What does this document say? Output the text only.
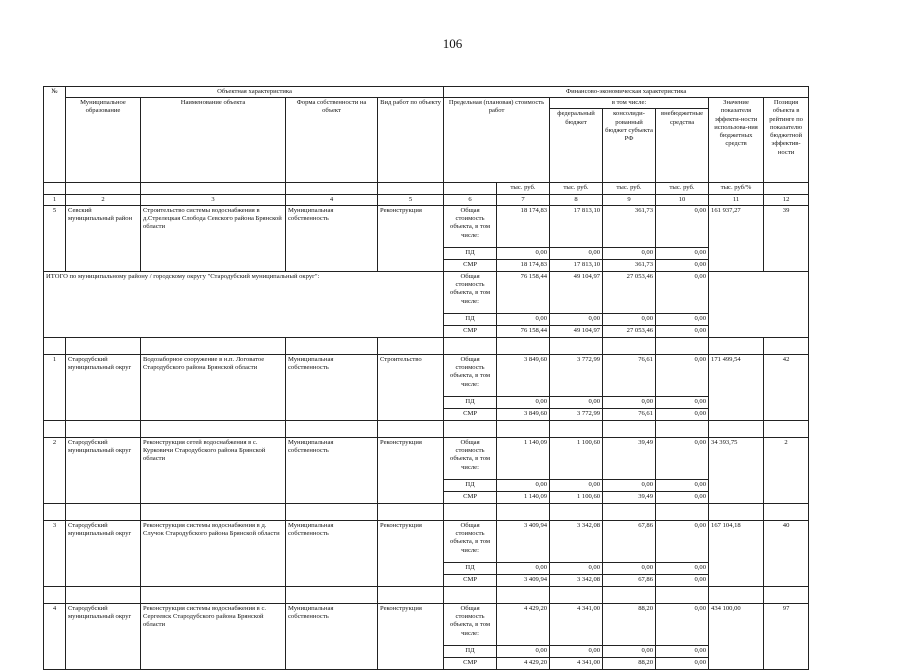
106
№	Объектная характеристика				Финансово-экономическая характеристика						
	Муниципальное образование	Наименование объекта	Форма собственности на объект	Вид работ по объекту	Предельная (плановая) стоимость работ		в том числе:			Значение показателя эффекти-ности использова-ния бюджетных средств	Позиция объекта в рейтинге по показателю бюджетной эффектив-ности
							федеральный бюджет	консолиди-рованный бюджет субъекта РФ	внебюджетные средства		
						тыс. руб.	тыс. руб.	тыс. руб.	тыс. руб.	тыс. руб/%	
1	2	3	4	5	6	7	8	9	10	11	12
5	Севский муниципальный район	Строительство системы водоснабжения в д.Стрелецкая Слобода Севского района Брянской области	Муниципальная собственность	Реконструкция	Общая стоимость объекта, в том числе:	18 174,83	17 813,10	361,73	0,00	161 937,27	39
					ПД	0,00	0,00	0,00	0,00		
					СМР	18 174,83	17 813,10	361,73	0,00		
ИТОГО по муниципальному району / городскому округу "Стародубский муниципальный округ":					Общая стоимость объекта, в том числе:	76 158,44	49 104,97	27 053,46	0,00		
					ПД	0,00	0,00	0,00	0,00		
					СМР	76 158,44	49 104,97	27 053,46	0,00		

1	Стародубский муниципальный округ	Водозаборное сооружение в н.п. Логоватое Стародубского района Брянской области	Муниципальная собственность	Строительство	Общая стоимость объекта, в том числе:	3 849,60	3 772,99	76,61	0,00	171 499,54	42
					ПД	0,00	0,00	0,00	0,00		
					СМР	3 849,60	3 772,99	76,61	0,00		

2	Стародубский муниципальный округ	Реконструкция сетей водоснабжения в с. Курковичи Стародубского района Брянской области	Муниципальная собственность	Реконструкция	Общая стоимость объекта, в том числе:	1 140,09	1 100,60	39,49	0,00	34 393,75	2
					ПД	0,00	0,00	0,00	0,00		
					СМР	1 140,09	1 100,60	39,49	0,00		

3	Стародубский муниципальный округ	Реконструкция системы водоснабжения в д. Случок Стародубского района Брянской области	Муниципальная собственность	Реконструкция	Общая стоимость объекта, в том числе:	3 409,94	3 342,08	67,86	0,00	167 104,18	40
					ПД	0,00	0,00	0,00	0,00		
					СМР	3 409,94	3 342,08	67,86	0,00		

4	Стародубский муниципальный округ	Реконструкция системы водоснабжения в с. Сергеевск Стародубского района Брянской области	Муниципальная собственность	Реконструкция	Общая стоимость объекта, в том числе:	4 429,20	4 341,00	88,20	0,00	434 100,00	97
					ПД	0,00	0,00	0,00	0,00		
					СМР	4 429,20	4 341,00	88,20	0,00		
